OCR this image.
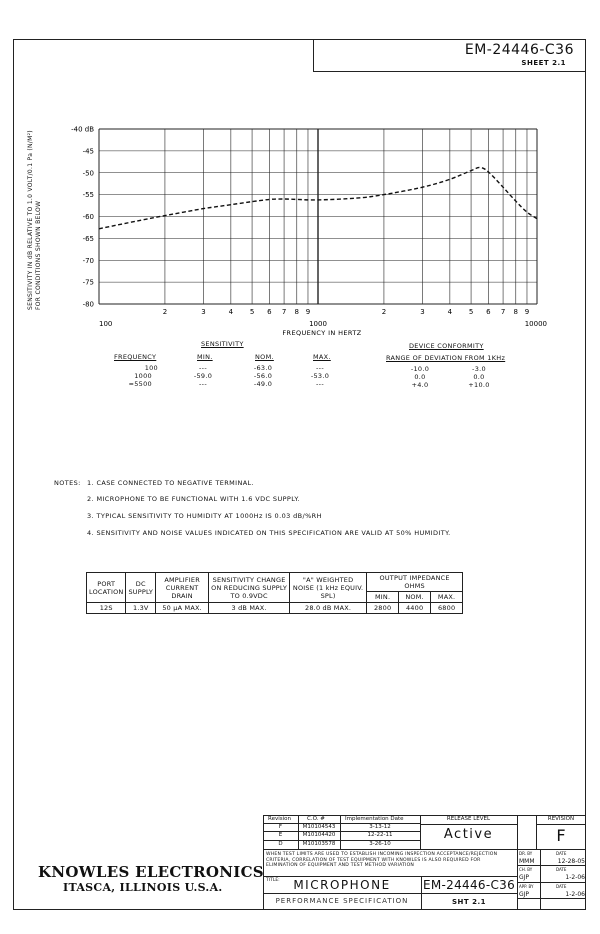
EM-24446-C36
SHEET 2.1
SENSITIVITY IN dB RELATIVE TO 1.0 VOLT/0.1 Pa (N/M²) FOR CONDITIONS SHOWN BELOW
-40 dB
-45
-50
-55
-60
-65
-70
-75
-80
2	3	4 5 6 7 8 9	2	3	4 5 6 7 8 9
100	1000	10000
FREQUENCY IN HERTZ
SENSITIVITY
FREQUENCY	MIN.	NOM.	MAX.
100	---	-63.0	---
1000	-59.0	-56.0	-53.0
≈5500	---	-49.0	---
DEVICE CONFORMITY
RANGE OF DEVIATION FROM 1KHz
-10.0	-3.0
0.0	0.0
+4.0	+10.0
NOTES: 1. CASE CONNECTED TO NEGATIVE TERMINAL.
2. MICROPHONE TO BE FUNCTIONAL WITH 1.6 VDC SUPPLY.
3. TYPICAL SENSITIVITY TO HUMIDITY AT 1000Hz IS 0.03 dB/%RH
4. SENSITIVITY AND NOISE VALUES INDICATED ON THIS SPECIFICATION ARE VALID AT 50% HUMIDITY.
PORT LOCATION	DC SUPPLY	AMPLIFIER CURRENT DRAIN	SENSITIVITY CHANGE ON REDUCING SUPPLY TO 0.9VDC	"A" WEIGHTED NOISE (1 kHz EQUIV. SPL)	OUTPUT IMPEDANCE OHMS		
					MIN.	NOM.	MAX.
12S	1.3V	50 µA MAX.	3 dB MAX.	28.0 dB MAX.	2800	4400	6800
Revision	C.O. #	Implementation Date
F	M10104543	3-13-12
E	M10104420	12-22-11
D	M10103578	3-26-10
RELEASE LEVEL
Active
REVISION
F
WHEN TEST LIMITS ARE USED TO ESTABLISH INCOMING INSPECTION ACCEPTANCE/REJECTION
CRITERIA, CORRELATION OF TEST EQUIPMENT WITH KNOWLES IS ALSO REQUIRED FOR
ELIMINATION OF EQUIPMENT AND TEST METHOD VARIATION
TITLE:	MICROPHONE
PERFORMANCE SPECIFICATION
EM-24446-C36
SHT 2.1
DR. BY	DATE
MMM	12-28-05
CH. BY	DATE
GJP	1-2-06
APP. BY	DATE
GJP	1-2-06
KNOWLES ELECTRONICS
ITASCA, ILLINOIS U.S.A.
